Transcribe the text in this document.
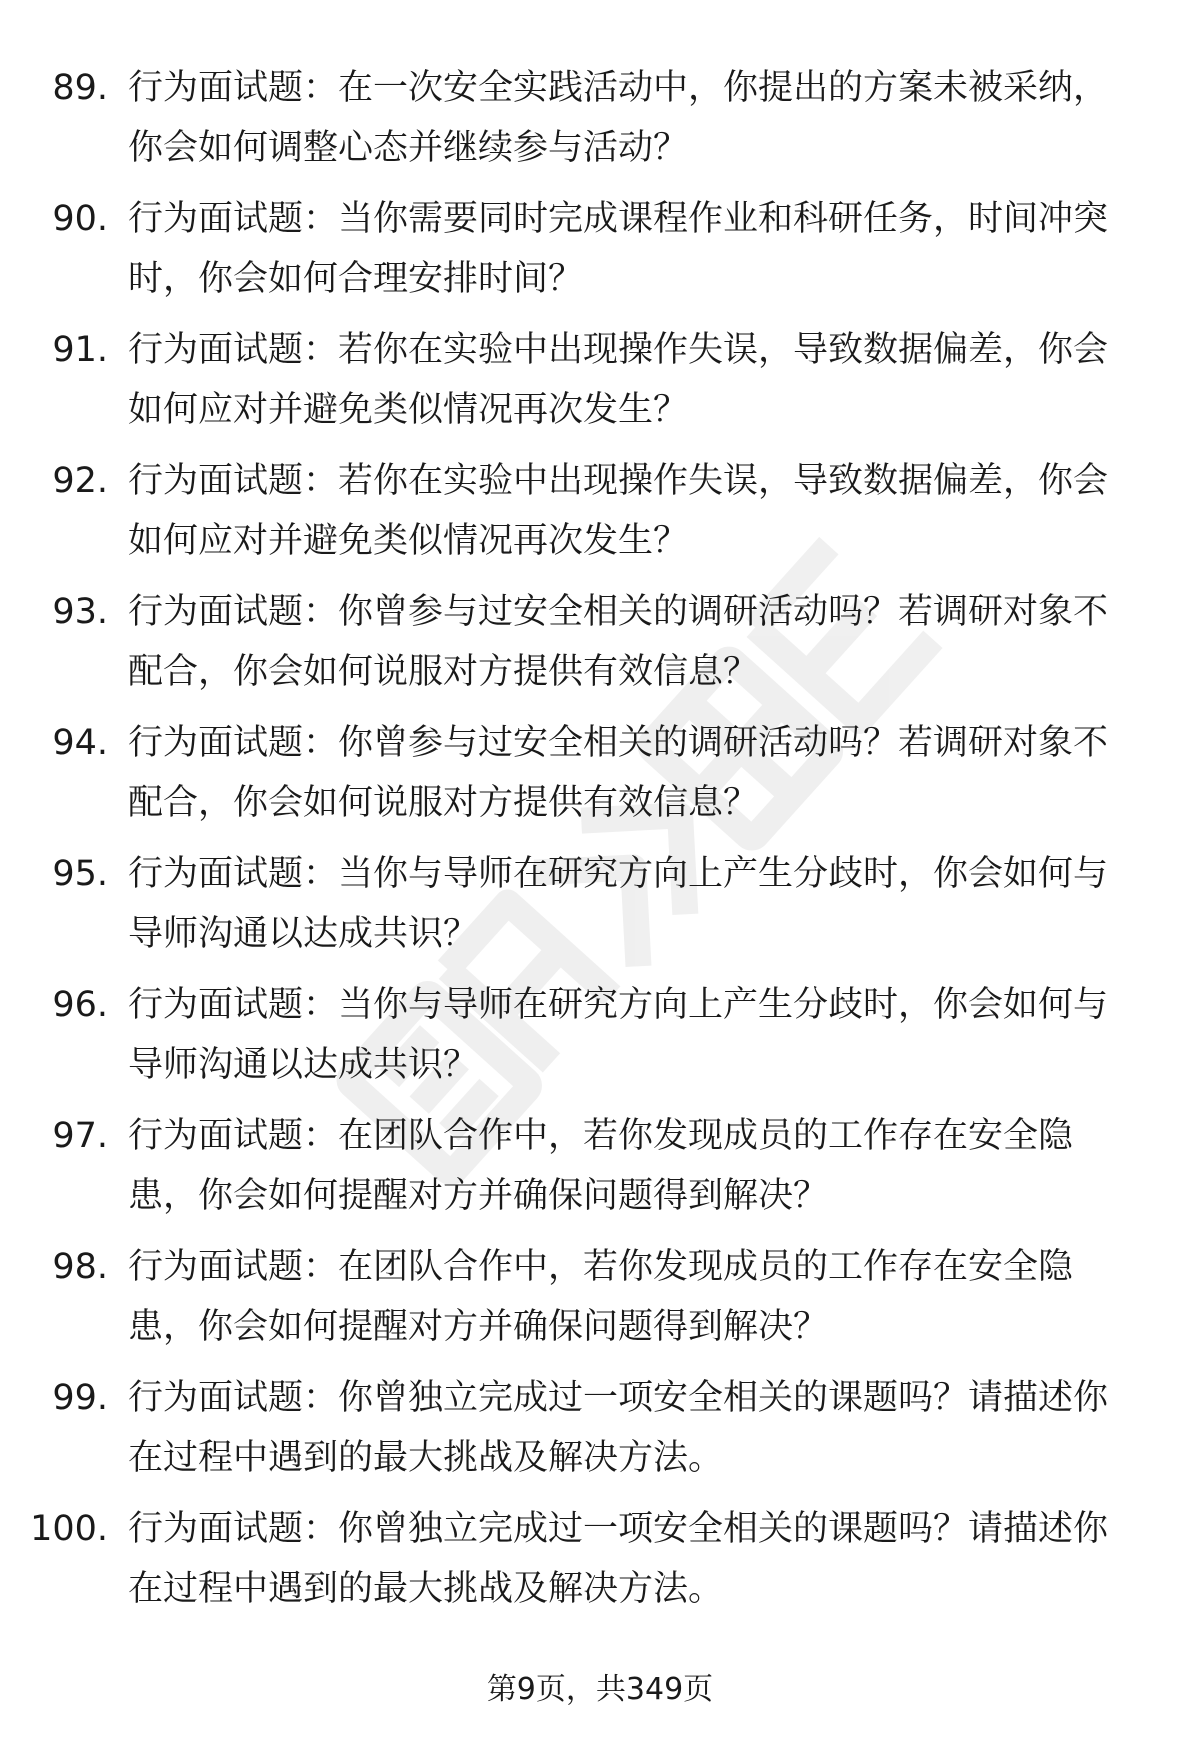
89. 行为面试题：在一次安全实践活动中，你提出的方案未被采纳，
你会如何调整心态并继续参与活动？
90. 行为面试题：当你需要同时完成课程作业和科研任务，时间冲突
时，你会如何合理安排时间？
91. 行为面试题：若你在实验中出现操作失误，导致数据偏差，你会
如何应对并避免类似情况再次发生？
92. 行为面试题：若你在实验中出现操作失误，导致数据偏差，你会
如何应对并避免类似情况再次发生？
93. 行为面试题：你曾参与过安全相关的调研活动吗？若调研对象不
配合，你会如何说服对方提供有效信息？
94. 行为面试题：你曾参与过安全相关的调研活动吗？若调研对象不
配合，你会如何说服对方提供有效信息？
95. 行为面试题：当你与导师在研究方向上产生分歧时，你会如何与
导师沟通以达成共识？
96. 行为面试题：当你与导师在研究方向上产生分歧时，你会如何与
导师沟通以达成共识？
97. 行为面试题：在团队合作中，若你发现成员的工作存在安全隐
患，你会如何提醒对方并确保问题得到解决？
98. 行为面试题：在团队合作中，若你发现成员的工作存在安全隐
患，你会如何提醒对方并确保问题得到解决？
99. 行为面试题：你曾独立完成过一项安全相关的课题吗？请描述你
在过程中遇到的最大挑战及解决方法。
100. 行为面试题：你曾独立完成过一项安全相关的课题吗？请描述你
在过程中遇到的最大挑战及解决方法。
第9页，共349页
